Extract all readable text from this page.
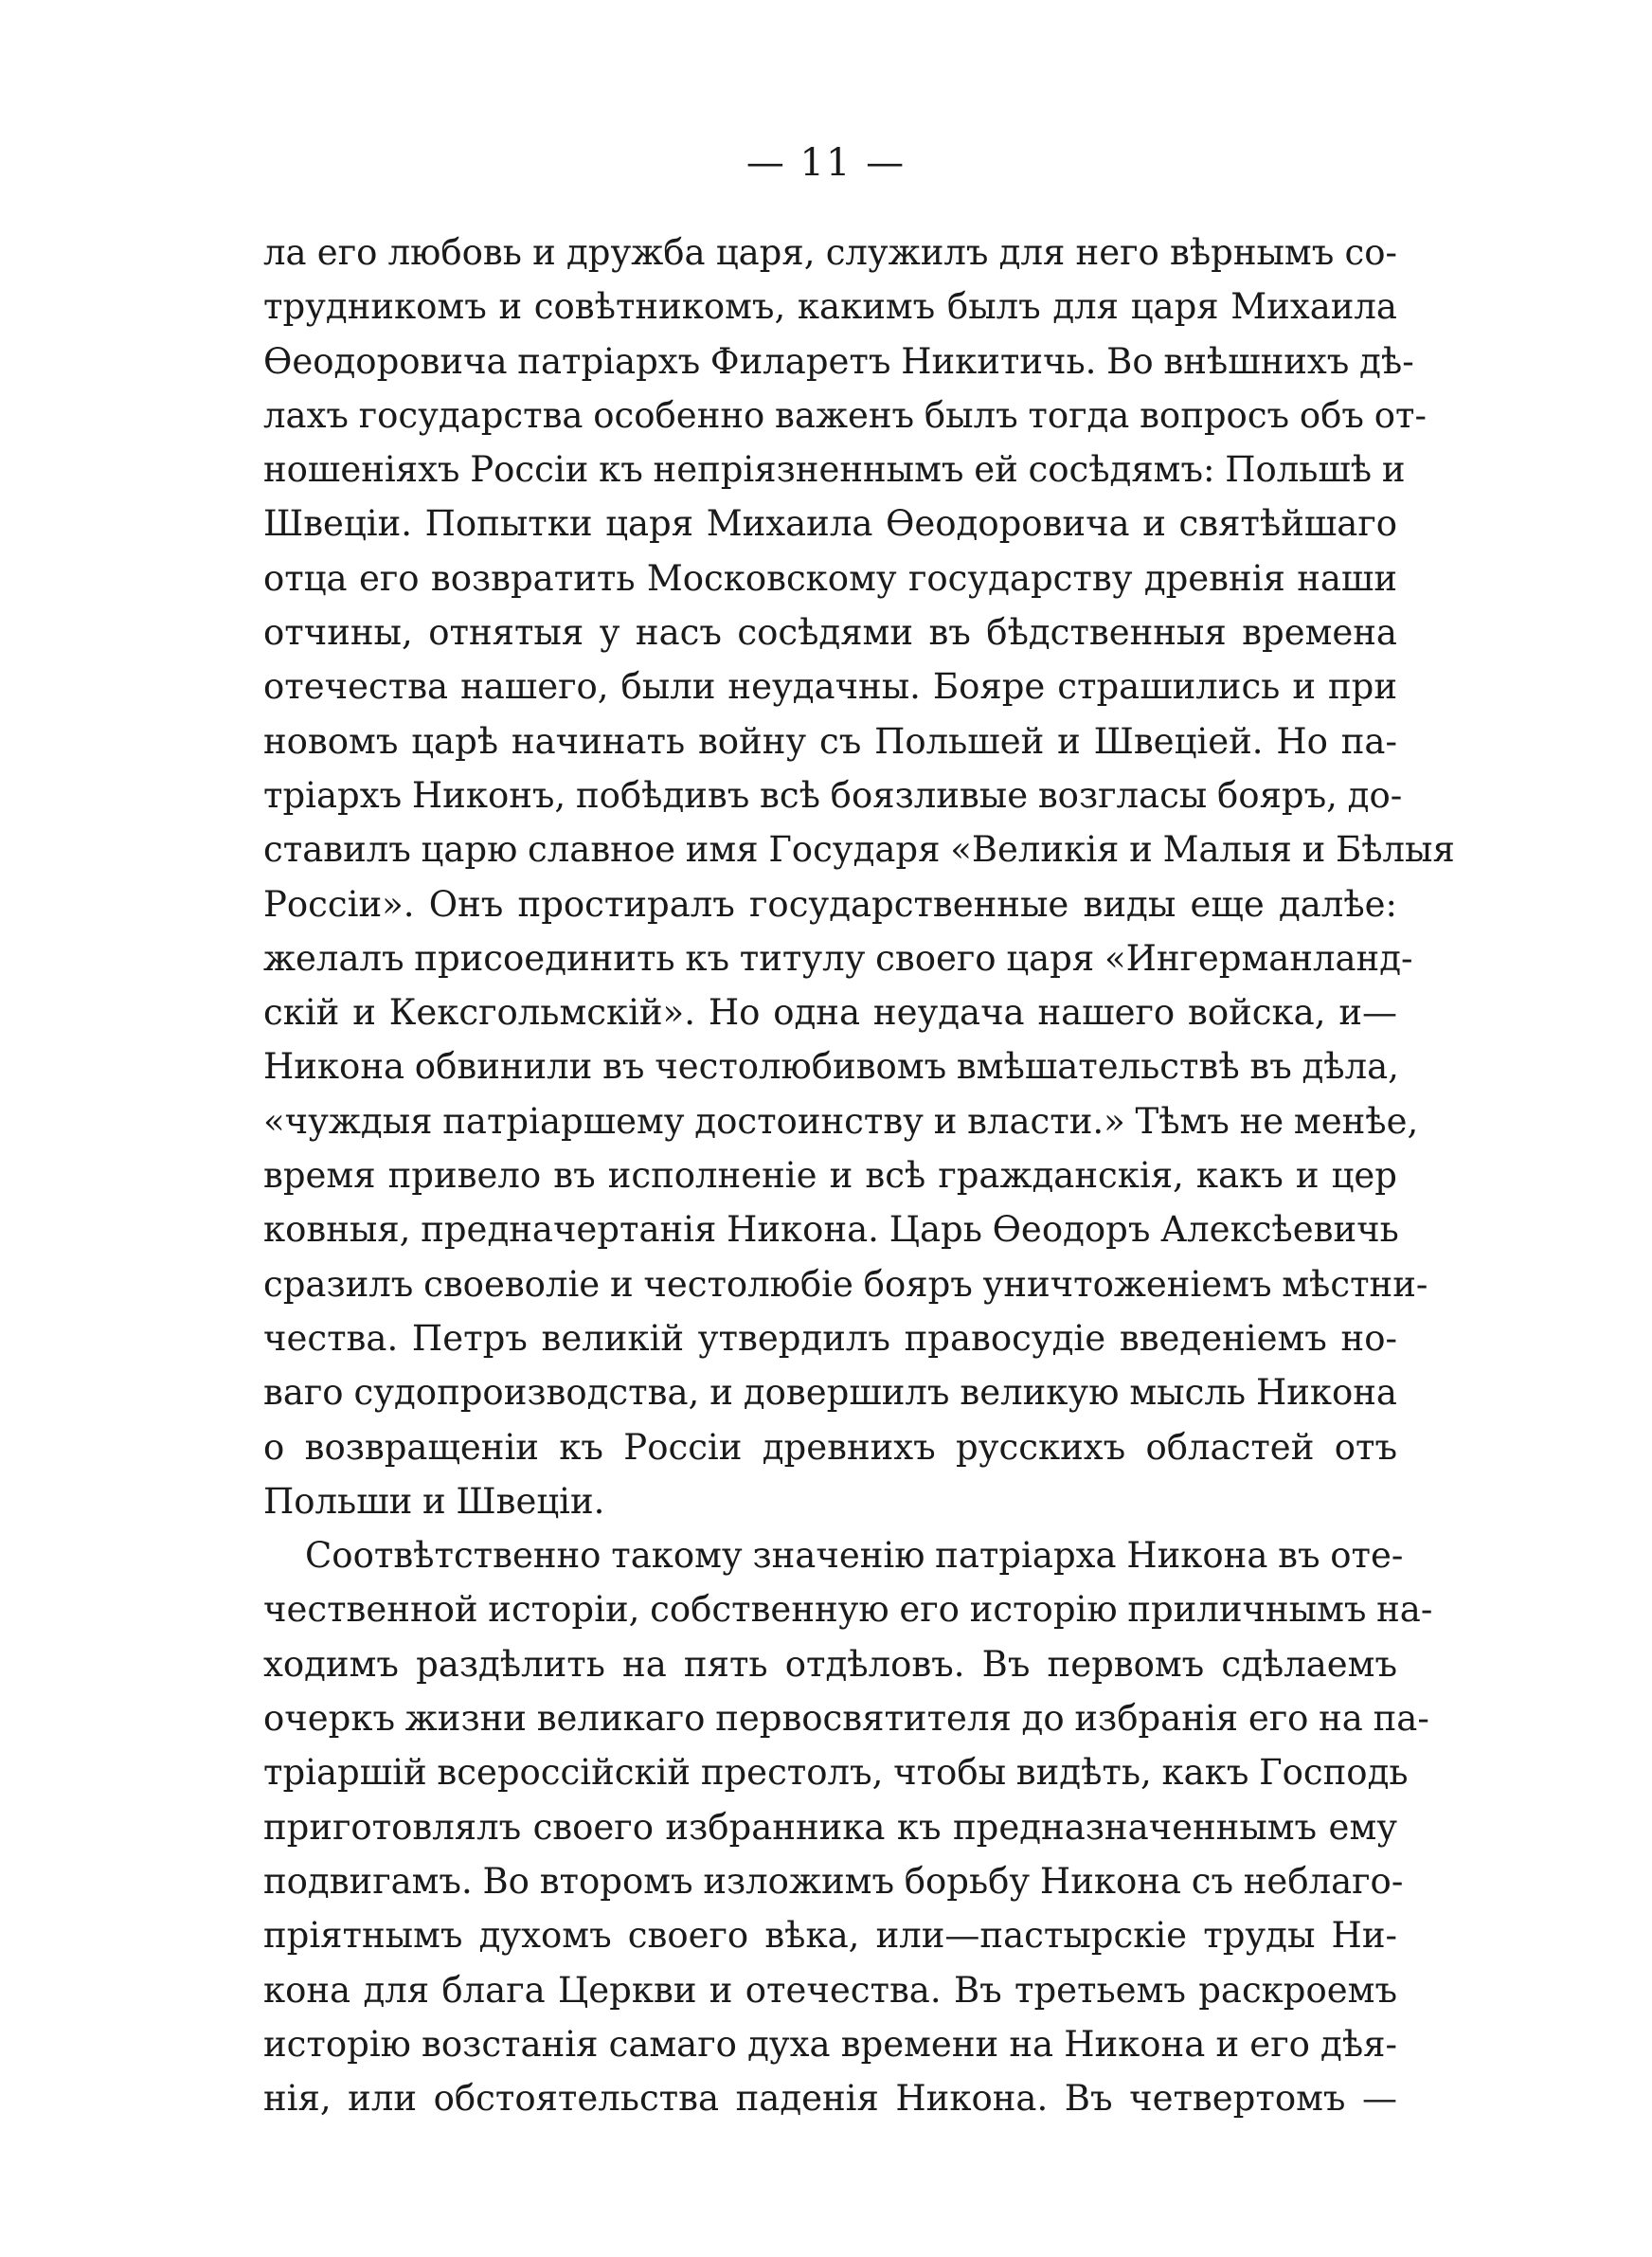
— 11 —
ла его любовь и дружба царя, служилъ для него вѣрнымъ со-
трудникомъ и совѣтникомъ, какимъ былъ для царя Михаила
Өеодоровича патріархъ Филаретъ Никитичь. Во внѣшнихъ дѣ-
лахъ государства особенно важенъ былъ тогда вопросъ объ от-
ношеніяхъ Россіи къ непріязненнымъ ей сосѣдямъ: Польшѣ и
Швеціи. Попытки царя Михаила Өеодоровича и святѣйшаго
отца его возвратить Московскому государству древнія наши
отчины, отнятыя у насъ сосѣдями въ бѣдственныя времена
отечества нашего, были неудачны. Бояре страшились и при
новомъ царѣ начинать войну съ Польшей и Швеціей. Но па-
тріархъ Никонъ, побѣдивъ всѣ боязливые возгласы бояръ, до-
ставилъ царю славное имя Государя «Великія и Малыя и Бѣлыя
Россіи». Онъ простиралъ государственные виды еще далѣе:
желалъ присоединить къ титулу своего царя «Ингерманланд-
скій и Кексгольмскій». Но одна неудача нашего войска, и—
Никона обвинили въ честолюбивомъ вмѣшательствѣ въ дѣла,
«чуждыя патріаршему достоинству и власти.» Тѣмъ не менѣе,
время привело въ исполненіе и всѣ гражданскія, какъ и цер
ковныя, предначертанія Никона. Царь Өеодоръ Алексѣевичь
сразилъ своеволіе и честолюбіе бояръ уничтоженіемъ мѣстни-
чества. Петръ великій утвердилъ правосудіе введеніемъ но-
ваго судопроизводства, и довершилъ великую мысль Никона
о возвращеніи къ Россіи древнихъ русскихъ областей отъ
Польши и Швеціи.
Соотвѣтственно такому значенію патріарха Никона въ оте-
чественной исторіи, собственную его исторію приличнымъ на-
ходимъ раздѣлить на пять отдѣловъ. Въ первомъ сдѣлаемъ
очеркъ жизни великаго первосвятителя до избранія его на па-
тріаршій всероссійскій престолъ, чтобы видѣть, какъ Господь
приготовлялъ своего избранника къ предназначеннымъ ему
подвигамъ. Во второмъ изложимъ борьбу Никона съ неблаго-
пріятнымъ духомъ своего вѣка, или—пастырскіе труды Ни-
кона для блага Церкви и отечества. Въ третьемъ раскроемъ
исторію возстанія самаго духа времени на Никона и его дѣя-
нія, или обстоятельства паденія Никона. Въ четвертомъ —
